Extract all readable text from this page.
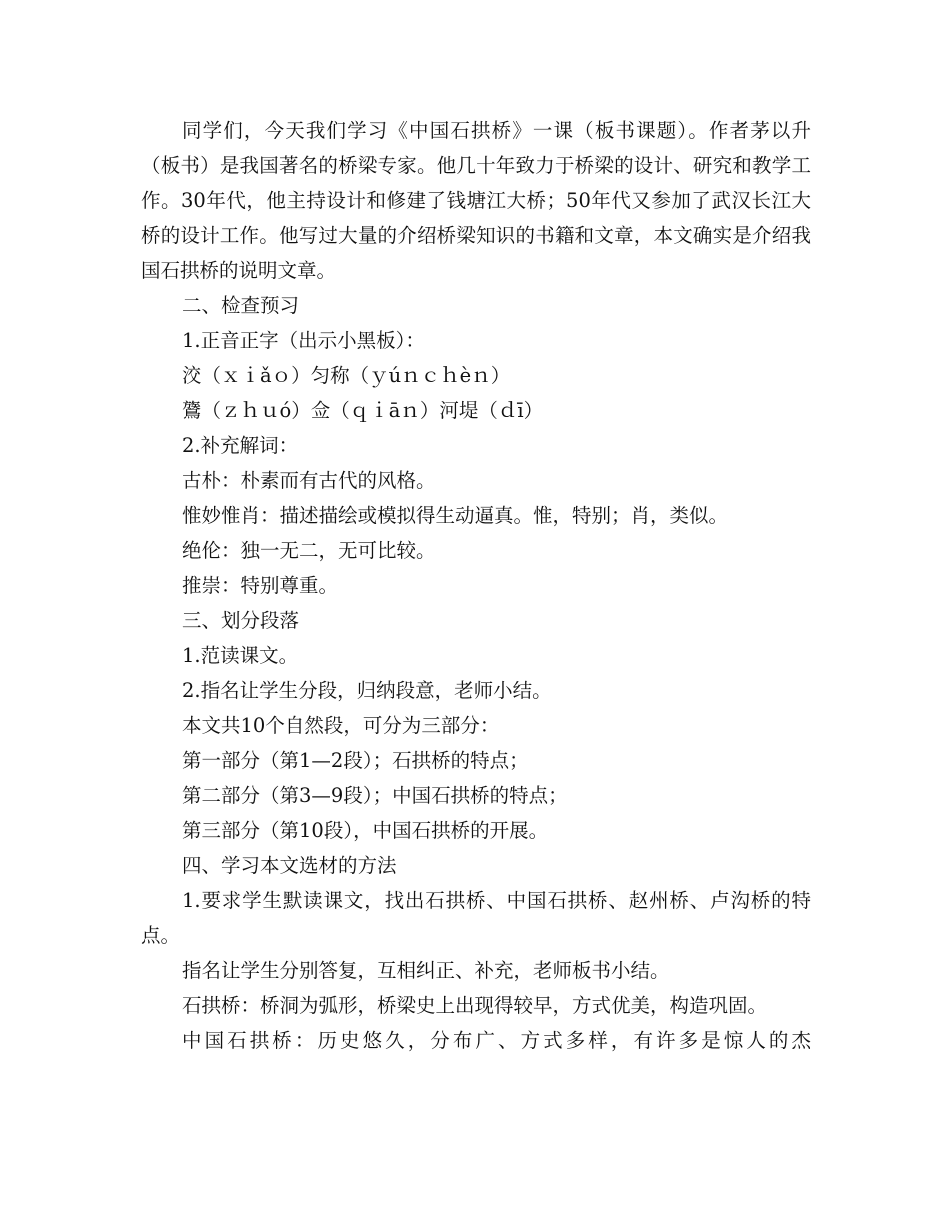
同学们，今天我们学习《中国石拱桥》一课（板书课题）。作者茅以升（板书）是我国著名的桥梁专家。他几十年致力于桥梁的设计、研究和教学工作。30年代，他主持设计和修建了钱塘江大桥；50年代又参加了武汉长江大桥的设计工作。他写过大量的介绍桥梁知识的书籍和文章，本文确实是介绍我国石拱桥的说明文章。

二、检查预习

1.正音正字（出示小黑板）：

洨（ｘｉǎｏ）匀称（ｙúｎｃｈèｎ）

鷟（ｚｈｕó）佥（ｑｉāｎ）河堤（ｄī）

2.补充解词：

古朴：朴素而有古代的风格。

惟妙惟肖：描述描绘或模拟得生动逼真。惟，特别；肖，类似。

绝伦：独一无二，无可比较。

推崇：特别尊重。

三、划分段落

1.范读课文。

2.指名让学生分段，归纳段意，老师小结。

本文共10个自然段，可分为三部分：

第一部分（第1—2段）；石拱桥的特点；

第二部分（第3—9段）；中国石拱桥的特点；

第三部分（第10段），中国石拱桥的开展。

四、学习本文选材的方法

1.要求学生默读课文，找出石拱桥、中国石拱桥、赵州桥、卢沟桥的特点。

指名让学生分别答复，互相纠正、补充，老师板书小结。

石拱桥：桥洞为弧形，桥梁史上出现得较早，方式优美，构造巩固。

中国石拱桥：历史悠久，分布广、方式多样，有许多是惊人的杰
